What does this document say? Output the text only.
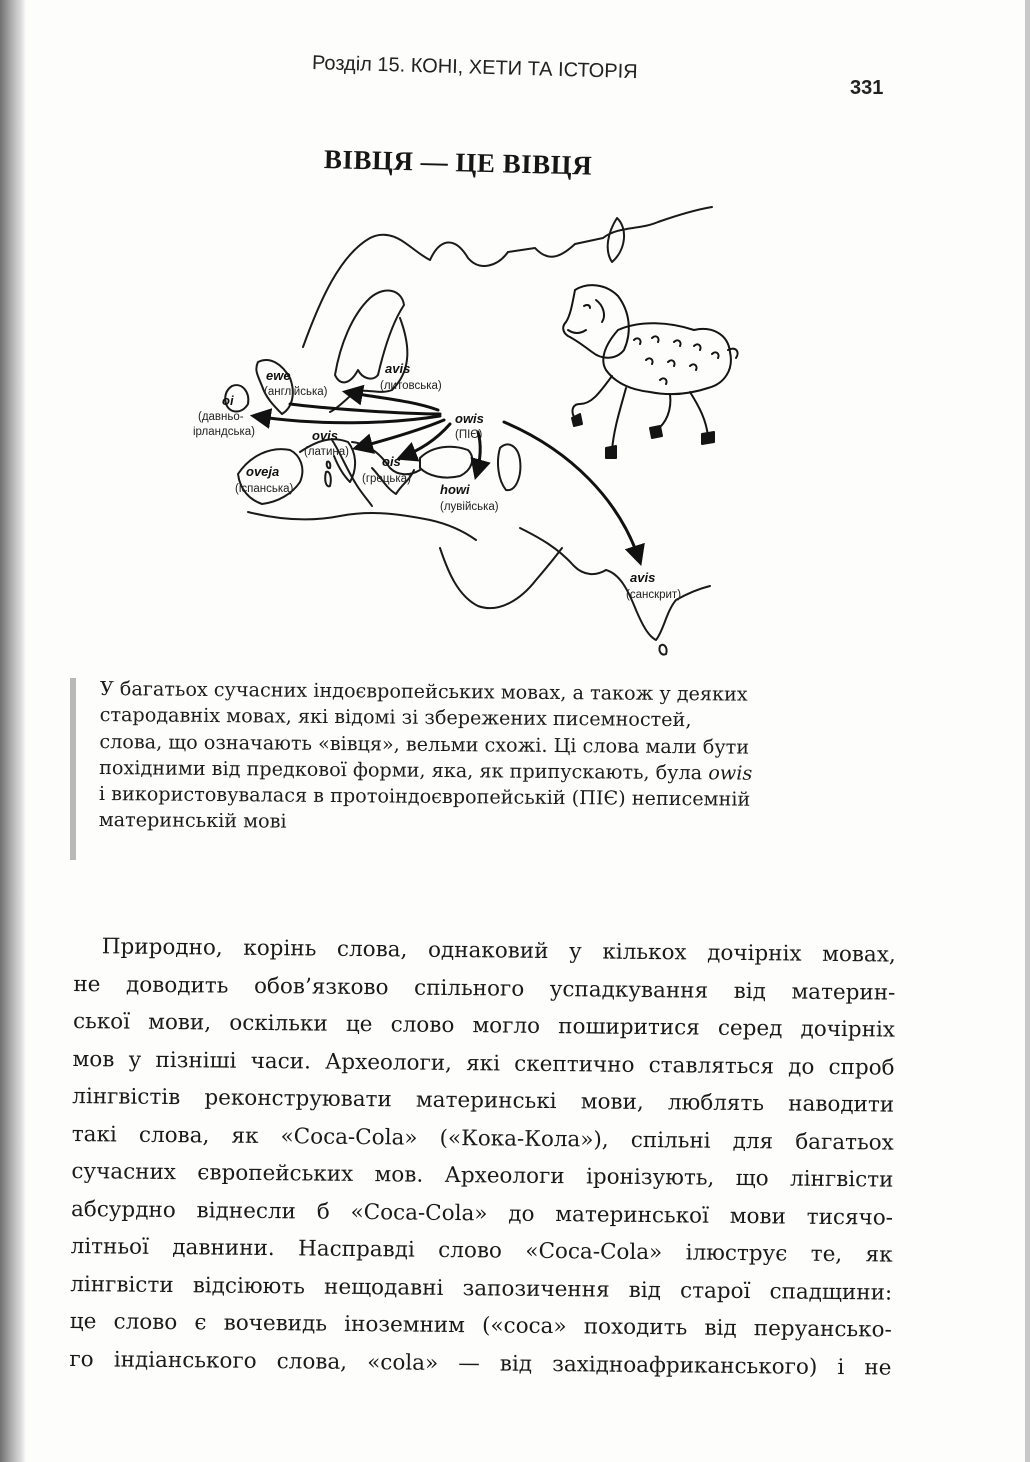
Розділ 15. КОНІ, ХЕТИ ТА ІСТОРІЯ
331
ВІВЦЯ — ЦЕ ВІВЦЯ
avis
(литовська)
ewe
(англійська)
oi
(давньо-
ірландська)
owis
(ПІЄ)
ovis
(латина)
oveja
(іспанська)
ois
(грецька)
howi
(лувійська)
avis
(санскрит)
У багатьох сучасних індоєвропейських мовах, а також у деяких
стародавніх мовах, які відомі зі збережених писемностей,
слова, що означають «вівця», вельми схожі. Ці слова мали бути
похідними від предкової форми, яка, як припускають, була owis
і використовувалася в протоіндоєвропейській (ПІЄ) неписемній
материнській мові
Природно, корінь слова, однаковий у кількох дочірніх мовах,
не доводить обов’язково спільного успадкування від материн-
ської мови, оскільки це слово могло поширитися серед дочірніх
мов у пізніші часи. Археологи, які скептично ставляться до спроб
лінгвістів реконструювати материнські мови, люблять наводити
такі слова, як «Coca-Cola» («Кока-Кола»), спільні для багатьох
сучасних європейських мов. Археологи іронізують, що лінгвісти
абсурдно віднесли б «Coca-Cola» до материнської мови тисячо-
літньої давнини. Насправді слово «Coca-Cola» ілюструє те, як
лінгвісти відсіюють нещодавні запозичення від старої спадщини:
це слово є вочевидь іноземним («coca» походить від перуансько-
го індіанського слова, «cola» — від західноафриканського) і не
